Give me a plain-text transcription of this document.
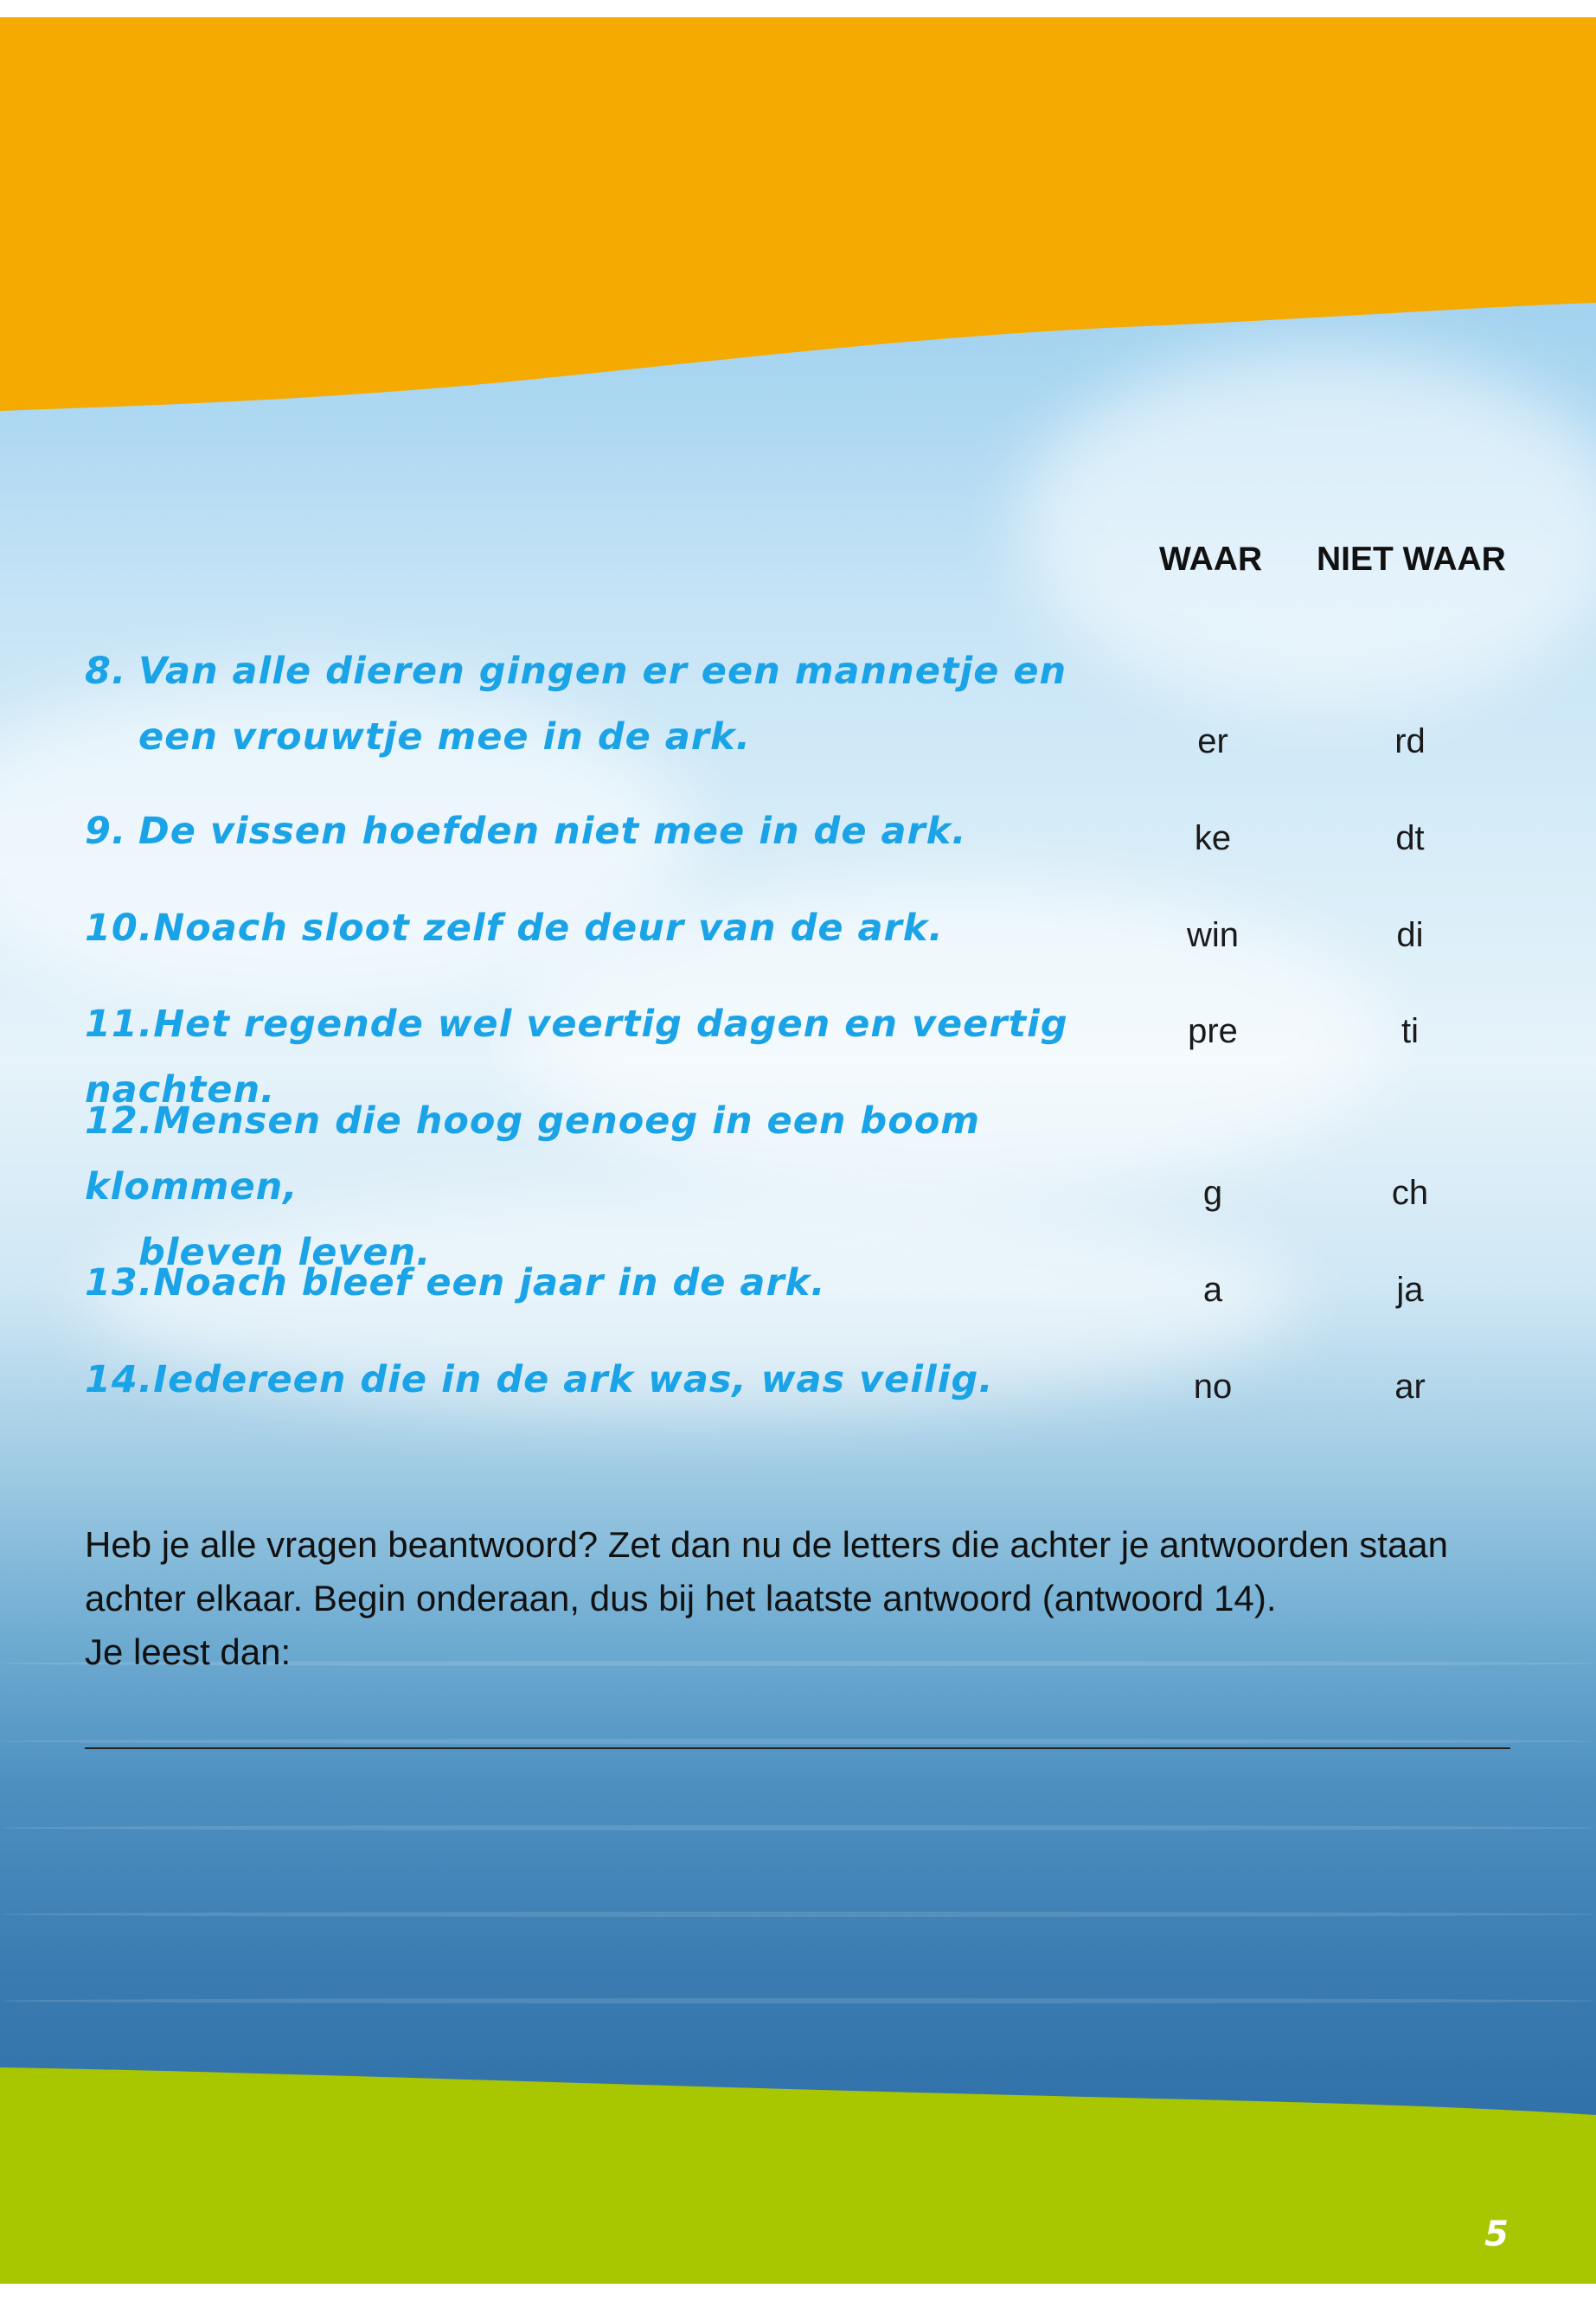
WAAR NIET WAAR
8. Van alle dieren gingen er een mannetje en
een vrouwtje mee in de ark.	er	rd
9. De vissen hoefden niet mee in de ark.	ke	dt
10.Noach sloot zelf de deur van de ark.	win	di
11.Het regende wel veertig dagen en veertig nachten.
pre	ti
12.Mensen die hoog genoeg in een boom klommen,
bleven leven.
g	ch
13.Noach bleef een jaar in de ark.	a	ja
14.Iedereen die in de ark was, was veilig.	no	ar
Heb je alle vragen beantwoord? Zet dan nu de letters die achter je antwoorden staan
achter elkaar. Begin onderaan, dus bij het laatste antwoord (antwoord 14).
Je leest dan:
5
